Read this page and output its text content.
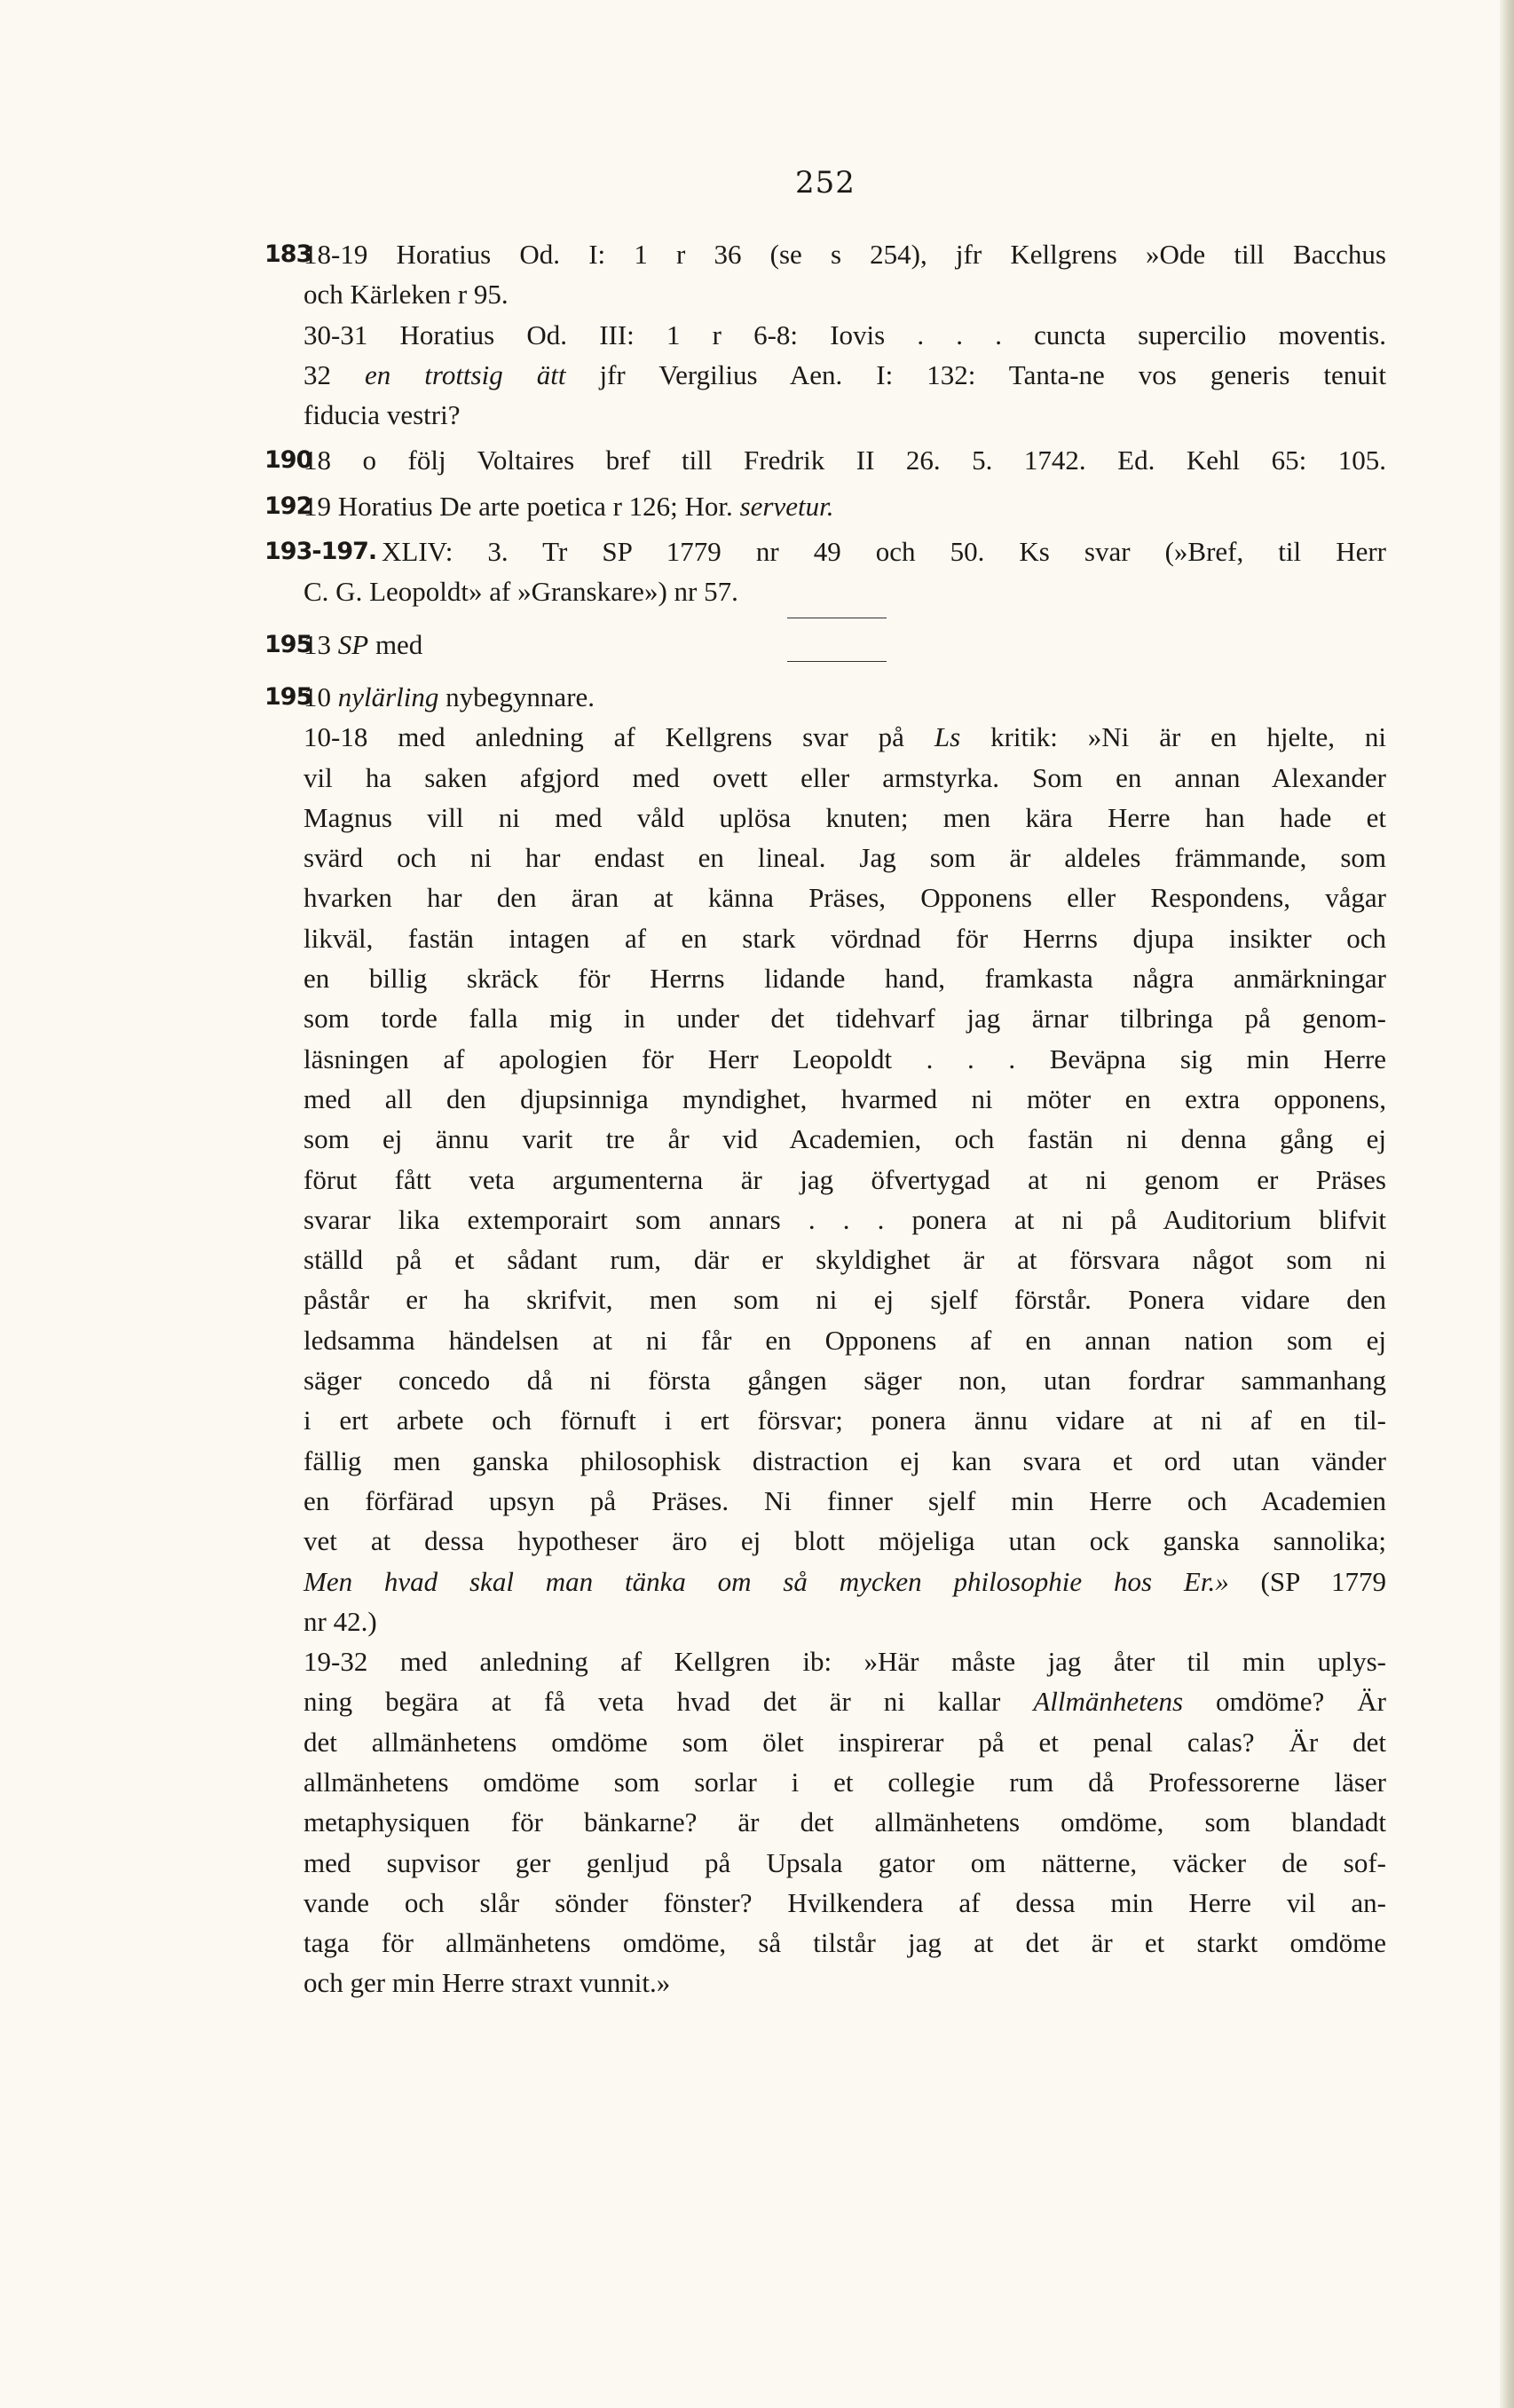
252
183
18-19 Horatius Od. I: 1 r 36 (se s 254), jfr Kellgrens »Ode till Bacchus
och Kärleken r 95.
30-31 Horatius Od. III: 1 r 6-8: Iovis . . . cuncta supercilio moventis.
32 en trottsig ätt jfr Vergilius Aen. I: 132: Tanta-ne vos generis tenuit
fiducia vestri?
190
18 o följ Voltaires bref till Fredrik II 26. 5. 1742. Ed. Kehl 65: 105.
192
19 Horatius De arte poetica r 126; Hor. servetur.
193-197. XLIV: 3. Tr SP 1779 nr 49 och 50. Ks svar (»Bref, til Herr
C. G. Leopoldt» af »Granskare») nr 57.
195
13 SP med
195
10 nylärling nybegynnare.
10-18 med anledning af Kellgrens svar på Ls kritik: »Ni är en hjelte, ni
vil ha saken afgjord med ovett eller armstyrka. Som en annan Alexander
Magnus vill ni med våld uplösa knuten; men kära Herre han hade et
svärd och ni har endast en lineal. Jag som är aldeles främmande, som
hvarken har den äran at känna Präses, Opponens eller Respondens, vågar
likväl, fastän intagen af en stark vördnad för Herrns djupa insikter och
en billig skräck för Herrns lidande hand, framkasta några anmärkningar
som torde falla mig in under det tidehvarf jag ärnar tilbringa på genom-
läsningen af apologien för Herr Leopoldt . . . Beväpna sig min Herre
med all den djupsinniga myndighet, hvarmed ni möter en extra opponens,
som ej ännu varit tre år vid Academien, och fastän ni denna gång ej
förut fått veta argumenterna är jag öfvertygad at ni genom er Präses
svarar lika extemporairt som annars . . . ponera at ni på Auditorium blifvit
ställd på et sådant rum, där er skyldighet är at försvara något som ni
påstår er ha skrifvit, men som ni ej sjelf förstår. Ponera vidare den
ledsamma händelsen at ni får en Opponens af en annan nation som ej
säger concedo då ni första gången säger non, utan fordrar sammanhang
i ert arbete och förnuft i ert försvar; ponera ännu vidare at ni af en til-
fällig men ganska philosophisk distraction ej kan svara et ord utan vänder
en förfärad upsyn på Präses. Ni finner sjelf min Herre och Academien
vet at dessa hypotheser äro ej blott möjeliga utan ock ganska sannolika;
Men hvad skal man tänka om så mycken philosophie hos Er.» (SP 1779
nr 42.)
19-32 med anledning af Kellgren ib: »Här måste jag åter til min uplys-
ning begära at få veta hvad det är ni kallar Allmänhetens omdöme? Är
det allmänhetens omdöme som ölet inspirerar på et penal calas? Är det
allmänhetens omdöme som sorlar i et collegie rum då Professorerne läser
metaphysiquen för bänkarne? är det allmänhetens omdöme, som blandadt
med supvisor ger genljud på Upsala gator om nätterne, väcker de sof-
vande och slår sönder fönster? Hvilkendera af dessa min Herre vil an-
taga för allmänhetens omdöme, så tilstår jag at det är et starkt omdöme
och ger min Herre straxt vunnit.»
